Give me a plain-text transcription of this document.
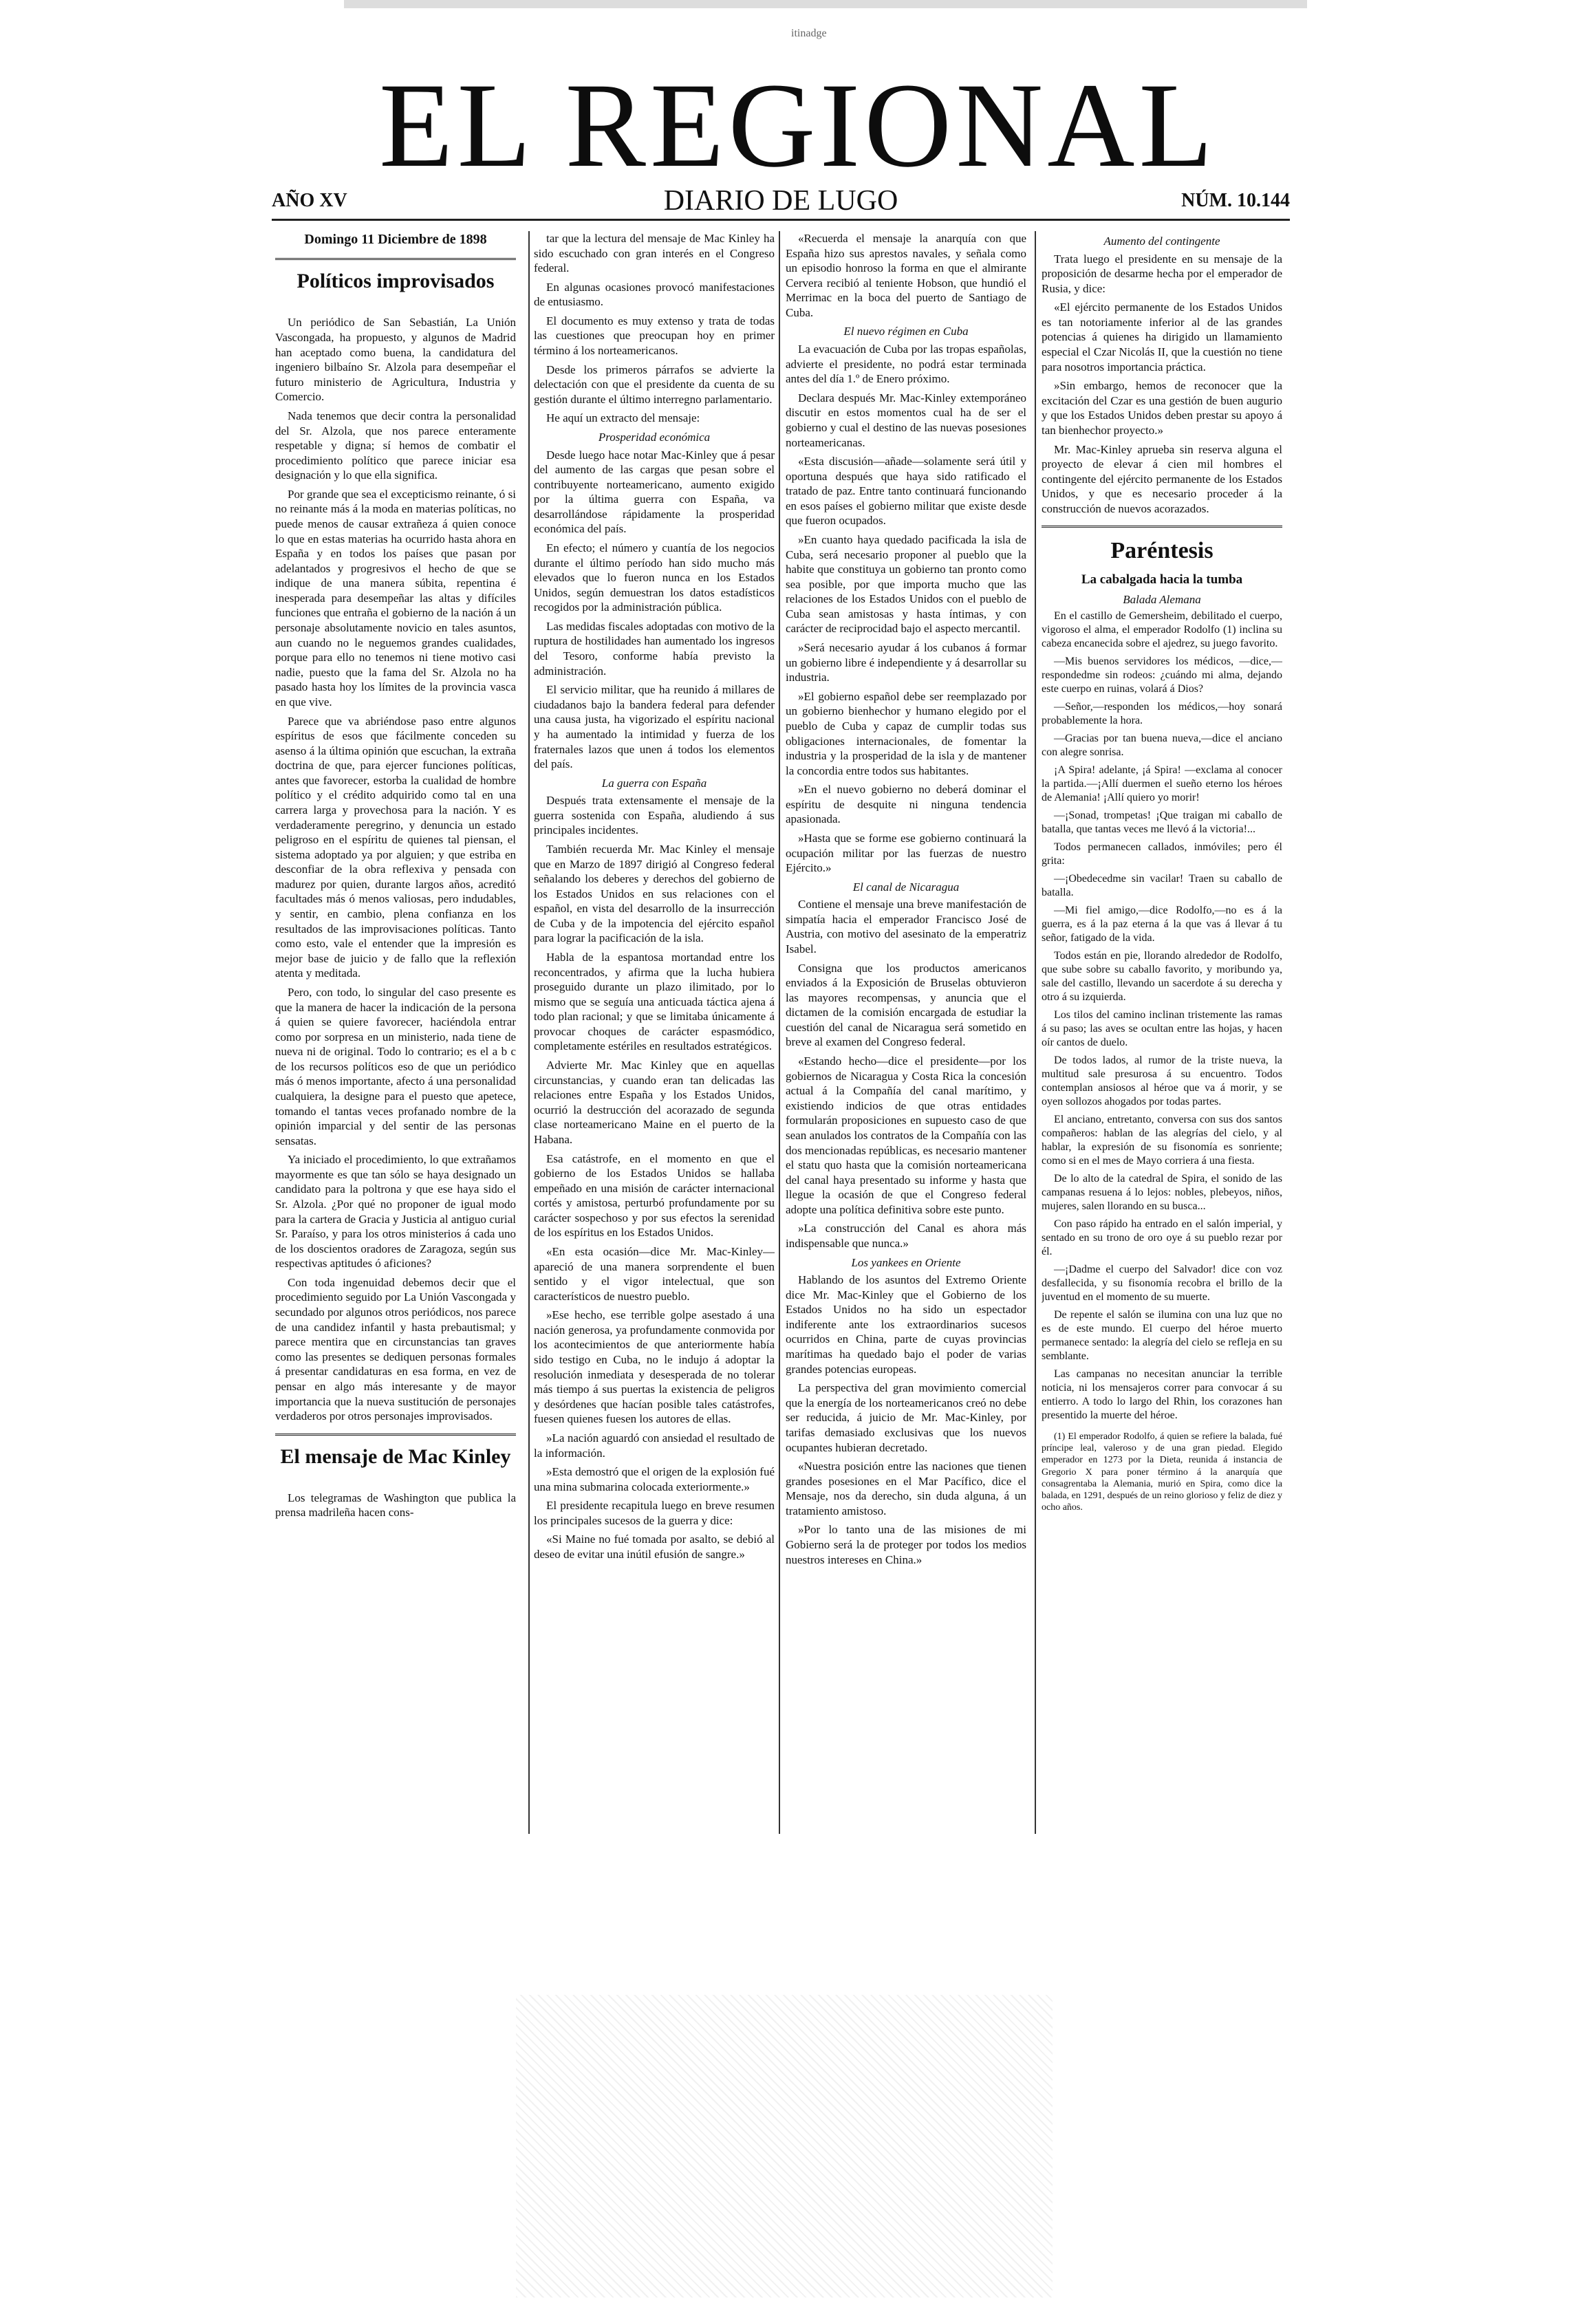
itinadge
EL REGIONAL
AÑO XV	DIARIO DE LUGO	NÚM. 10.144

Domingo 11 Diciembre de 1898

Políticos improvisados

Un periódico de San Sebastián, La Unión Vascongada, ha propuesto, y algunos de Madrid han aceptado como buena, la candidatura del ingeniero bilbaíno Sr. Alzola para desempeñar el futuro ministerio de Agricultura, Industria y Comercio.

Nada tenemos que decir contra la personalidad del Sr. Alzola, que nos parece enteramente respetable y digna; sí hemos de combatir el procedimiento político que parece iniciar esa designación y lo que ella significa.

Por grande que sea el excepticismo reinante, ó si no reinante más á la moda en materias políticas, no puede menos de causar extrañeza á quien conoce lo que en estas materias ha ocurrido hasta ahora en España y en todos los países que pasan por adelantados y progresivos el hecho de que se indique de una manera súbita, repentina é inesperada para desempeñar las altas y difíciles funciones que entraña el gobierno de la nación á un personaje absolutamente novicio en tales asuntos, aun cuando no le neguemos grandes cualidades, porque para ello no tenemos ni tiene motivo casi nadie, puesto que la fama del Sr. Alzola no ha pasado hasta hoy los límites de la provincia vasca en que vive.

Parece que va abriéndose paso entre algunos espíritus de esos que fácilmente conceden su asenso á la última opinión que escuchan, la extraña doctrina de que, para ejercer funciones políticas, antes que favorecer, estorba la cualidad de hombre político y el crédito adquirido como tal en una carrera larga y provechosa para la nación. Y es verdaderamente peregrino, y denuncia un estado peligroso en el espíritu de quienes tal piensan, el sistema adoptado ya por alguien; y que estriba en desconfiar de la obra reflexiva y pensada con madurez por quien, durante largos años, acreditó facultades más ó menos valiosas, pero indudables, y sentir, en cambio, plena confianza en los resultados de las improvisaciones políticas. Tanto como esto, vale el entender que la impresión es mejor base de juicio y de fallo que la reflexión atenta y meditada.

Pero, con todo, lo singular del caso presente es que la manera de hacer la indicación de la persona á quien se quiere favorecer, haciéndola entrar como por sorpresa en un ministerio, nada tiene de nueva ni de original. Todo lo contrario; es el a b c de los recursos políticos eso de que un periódico más ó menos importante, afecto á una personalidad cualquiera, la designe para el puesto que apetece, tomando el tantas veces profanado nombre de la opinión imparcial y del sentir de las personas sensatas.

Ya iniciado el procedimiento, lo que extrañamos mayormente es que tan sólo se haya designado un candidato para la poltrona y que ese haya sido el Sr. Alzola. ¿Por qué no proponer de igual modo para la cartera de Gracia y Justicia al antiguo curial Sr. Paraíso, y para los otros ministerios á cada uno de los doscientos oradores de Zaragoza, según sus respectivas aptitudes ó aficiones?

Con toda ingenuidad debemos decir que el procedimiento seguido por La Unión Vascongada y secundado por algunos otros periódicos, nos parece de una candidez infantil y hasta prebautismal; y parece mentira que en circunstancias tan graves como las presentes se dediquen personas formales á presentar candidaturas en esa forma, en vez de pensar en algo más interesante y de mayor importancia que la nueva sustitución de personajes verdaderos por otros personajes improvisados.

El mensaje de Mac Kinley

Los telegramas de Washington que publica la prensa madrileña hacen cons-

tar que la lectura del mensaje de Mac Kinley ha sido escuchado con gran interés en el Congreso federal.

En algunas ocasiones provocó manifestaciones de entusiasmo.

El documento es muy extenso y trata de todas las cuestiones que preocupan hoy en primer término á los norteamericanos.

Desde los primeros párrafos se advierte la delectación con que el presidente da cuenta de su gestión durante el último interregno parlamentario.

He aquí un extracto del mensaje:

Prosperidad económica

Desde luego hace notar Mac-Kinley que á pesar del aumento de las cargas que pesan sobre el contribuyente norteamericano, aumento exigido por la última guerra con España, va desarrollándose rápidamente la prosperidad económica del país.

En efecto; el número y cuantía de los negocios durante el último período han sido mucho más elevados que lo fueron nunca en los Estados Unidos, según demuestran los datos estadísticos recogidos por la administración pública.

Las medidas fiscales adoptadas con motivo de la ruptura de hostilidades han aumentado los ingresos del Tesoro, conforme había previsto la administración.

El servicio militar, que ha reunido á millares de ciudadanos bajo la bandera federal para defender una causa justa, ha vigorizado el espíritu nacional y ha aumentado la intimidad y fuerza de los fraternales lazos que unen á todos los elementos del país.

La guerra con España

Después trata extensamente el mensaje de la guerra sostenida con España, aludiendo á sus principales incidentes.

También recuerda Mr. Mac Kinley el mensaje que en Marzo de 1897 dirigió al Congreso federal señalando los deberes y derechos del gobierno de los Estados Unidos en sus relaciones con el español, en vista del desarrollo de la insurrección de Cuba y de la impotencia del ejército español para lograr la pacificación de la isla.

Habla de la espantosa mortandad entre los reconcentrados, y afirma que la lucha hubiera proseguido durante un plazo ilimitado, por lo mismo que se seguía una anticuada táctica ajena á todo plan racional; y que se limitaba únicamente á provocar choques de carácter espasmódico, completamente estériles en resultados estratégicos.

Advierte Mr. Mac Kinley que en aquellas circunstancias, y cuando eran tan delicadas las relaciones entre España y los Estados Unidos, ocurrió la destrucción del acorazado de segunda clase norteamericano Maine en el puerto de la Habana.

Esa catástrofe, en el momento en que el gobierno de los Estados Unidos se hallaba empeñado en una misión de carácter internacional cortés y amistosa, perturbó profundamente por su carácter sospechoso y por sus efectos la serenidad de los espíritus en los Estados Unidos.

«En esta ocasión—dice Mr. Mac-Kinley—apareció de una manera sorprendente el buen sentido y el vigor intelectual, que son característicos de nuestro pueblo.

»Ese hecho, ese terrible golpe asestado á una nación generosa, ya profundamente conmovida por los acontecimientos de que anteriormente había sido testigo en Cuba, no le indujo á adoptar la resolución inmediata y desesperada de no tolerar más tiempo á sus puertas la existencia de peligros y desórdenes que hacían posible tales catástrofes, fuesen quienes fuesen los autores de ellas.

»La nación aguardó con ansiedad el resultado de la información.

»Esta demostró que el origen de la explosión fué una mina submarina colocada exteriormente.»

El presidente recapitula luego en breve resumen los principales sucesos de la guerra y dice:

«Si Maine no fué tomada por asalto, se debió al deseo de evitar una inútil efusión de sangre.»

«Recuerda el mensaje la anarquía con que España hizo sus aprestos navales, y señala como un episodio honroso la forma en que el almirante Cervera recibió al teniente Hobson, que hundió el Merrimac en la boca del puerto de Santiago de Cuba.

El nuevo régimen en Cuba

La evacuación de Cuba por las tropas españolas, advierte el presidente, no podrá estar terminada antes del día 1.º de Enero próximo.

Declara después Mr. Mac-Kinley extemporáneo discutir en estos momentos cual ha de ser el gobierno y cual el destino de las nuevas posesiones norteamericanas.

«Esta discusión—añade—solamente será útil y oportuna después que haya sido ratificado el tratado de paz. Entre tanto continuará funcionando en esos países el gobierno militar que existe desde que fueron ocupados.

»En cuanto haya quedado pacificada la isla de Cuba, será necesario proponer al pueblo que la habite que constituya un gobierno tan pronto como sea posible, por que importa mucho que las relaciones de los Estados Unidos con el pueblo de Cuba sean amistosas y hasta íntimas, y con carácter de reciprocidad bajo el aspecto mercantil.

»Será necesario ayudar á los cubanos á formar un gobierno libre é independiente y á desarrollar su industria.

»El gobierno español debe ser reemplazado por un gobierno bienhechor y humano elegido por el pueblo de Cuba y capaz de cumplir todas sus obligaciones internacionales, de fomentar la industria y la prosperidad de la isla y de mantener la concordia entre todos sus habitantes.

»En el nuevo gobierno no deberá dominar el espíritu de desquite ni ninguna tendencia apasionada.

»Hasta que se forme ese gobierno continuará la ocupación militar por las fuerzas de nuestro Ejército.»

El canal de Nicaragua

Contiene el mensaje una breve manifestación de simpatía hacia el emperador Francisco José de Austria, con motivo del asesinato de la emperatriz Isabel.

Consigna que los productos americanos enviados á la Exposición de Bruselas obtuvieron las mayores recompensas, y anuncia que el dictamen de la comisión encargada de estudiar la cuestión del canal de Nicaragua será sometido en breve al examen del Congreso federal.

«Estando hecho—dice el presidente—por los gobiernos de Nicaragua y Costa Rica la concesión actual á la Compañía del canal marítimo, y existiendo indicios de que otras entidades formularán proposiciones en supuesto caso de que sean anulados los contratos de la Compañía con las dos mencionadas repúblicas, es necesario mantener el statu quo hasta que la comisión norteamericana del canal haya presentado su informe y hasta que llegue la ocasión de que el Congreso federal adopte una política definitiva sobre este punto.

»La construcción del Canal es ahora más indispensable que nunca.»

Los yankees en Oriente

Hablando de los asuntos del Extremo Oriente dice Mr. Mac-Kinley que el Gobierno de los Estados Unidos no ha sido un espectador indiferente ante los extraordinarios sucesos ocurridos en China, parte de cuyas provincias marítimas ha quedado bajo el poder de varias grandes potencias europeas.

La perspectiva del gran movimiento comercial que la energía de los norteamericanos creó no debe ser reducida, á juicio de Mr. Mac-Kinley, por tarifas demasiado exclusivas que los nuevos ocupantes hubieran decretado.

«Nuestra posición entre las naciones que tienen grandes posesiones en el Mar Pacífico, dice el Mensaje, nos da derecho, sin duda alguna, á un tratamiento amistoso.

»Por lo tanto una de las misiones de mi Gobierno será la de proteger por todos los medios nuestros intereses en China.»

Aumento del contingente

Trata luego el presidente en su mensaje de la proposición de desarme hecha por el emperador de Rusia, y dice:

«El ejército permanente de los Estados Unidos es tan notoriamente inferior al de las grandes potencias á quienes ha dirigido un llamamiento especial el Czar Nicolás II, que la cuestión no tiene para nosotros importancia práctica.

»Sin embargo, hemos de reconocer que la excitación del Czar es una gestión de buen augurio y que los Estados Unidos deben prestar su apoyo á tan bienhechor proyecto.»

Mr. Mac-Kinley aprueba sin reserva alguna el proyecto de elevar á cien mil hombres el contingente del ejército permanente de los Estados Unidos, y que es necesario proceder á la construcción de nuevos acorazados.

Paréntesis
La cabalgada hacia la tumba
Balada Alemana

En el castillo de Gemersheim, debilitado el cuerpo, vigoroso el alma, el emperador Rodolfo (1) inclina su cabeza encanecida sobre el ajedrez, su juego favorito.

—Mis buenos servidores los médicos, —dice,—respondedme sin rodeos: ¿cuándo mi alma, dejando este cuerpo en ruinas, volará á Dios?

—Señor,—responden los médicos,—hoy sonará probablemente la hora.

—Gracias por tan buena nueva,—dice el anciano con alegre sonrisa.

¡A Spira! adelante, ¡á Spira! —exclama al conocer la partida.—¡Allí duermen el sueño eterno los héroes de Alemania! ¡Allí quiero yo morir!

—¡Sonad, trompetas! ¡Que traigan mi caballo de batalla, que tantas veces me llevó á la victoria!...

Todos permanecen callados, inmóviles; pero él grita:

—¡Obedecedme sin vacilar! Traen su caballo de batalla.

—Mi fiel amigo,—dice Rodolfo,—no es á la guerra, es á la paz eterna á la que vas á llevar á tu señor, fatigado de la vida.

Todos están en pie, llorando alrededor de Rodolfo, que sube sobre su caballo favorito, y moribundo ya, sale del castillo, llevando un sacerdote á su derecha y otro á su izquierda.

Los tilos del camino inclinan tristemente las ramas á su paso; las aves se ocultan entre las hojas, y hacen oír cantos de duelo.

De todos lados, al rumor de la triste nueva, la multitud sale presurosa á su encuentro. Todos contemplan ansiosos al héroe que va á morir, y se oyen sollozos ahogados por todas partes.

El anciano, entretanto, conversa con sus dos santos compañeros: hablan de las alegrías del cielo, y al hablar, la expresión de su fisonomía es sonriente; como si en el mes de Mayo corriera á una fiesta.

De lo alto de la catedral de Spira, el sonido de las campanas resuena á lo lejos: nobles, plebeyos, niños, mujeres, salen llorando en su busca...

Con paso rápido ha entrado en el salón imperial, y sentado en su trono de oro oye á su pueblo rezar por él.

—¡Dadme el cuerpo del Salvador! dice con voz desfallecida, y su fisonomía recobra el brillo de la juventud en el momento de su muerte.

De repente el salón se ilumina con una luz que no es de este mundo. El cuerpo del héroe muerto permanece sentado: la alegría del cielo se refleja en su semblante.

Las campanas no necesitan anunciar la terrible noticia, ni los mensajeros correr para convocar á su entierro. A todo lo largo del Rhin, los corazones han presentido la muerte del héroe.

(1) El emperador Rodolfo, á quien se refiere la balada, fué príncipe leal, valeroso y de una gran piedad. Elegido emperador en 1273 por la Dieta, reunida á instancia de Gregorio X para poner término á la anarquía que consagrentaba la Alemania, murió en Spira, como dice la balada, en 1291, después de un reino glorioso y feliz de diez y ocho años.
